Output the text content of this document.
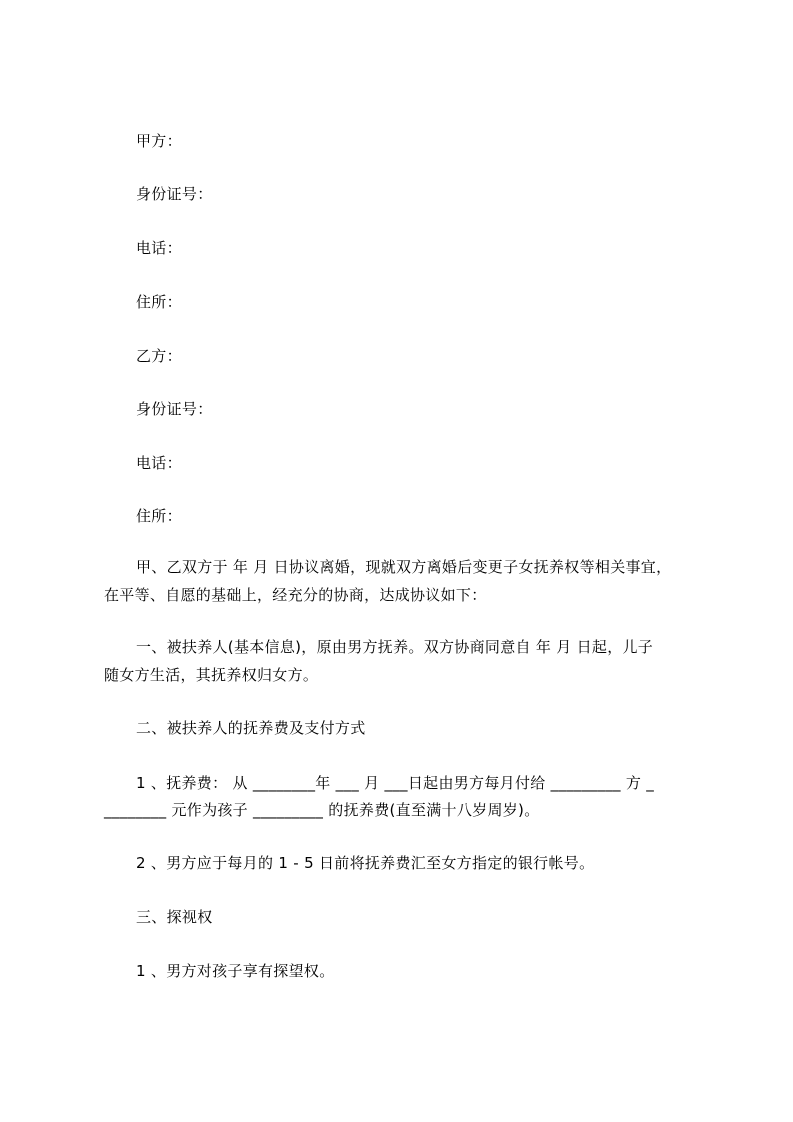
甲方：
身份证号：
电话：
住所：
乙方：
身份证号：
电话：
住所：
甲、乙双方于 年 月 日协议离婚，现就双方离婚后变更子女抚养权等相关事宜，
在平等、自愿的基础上，经充分的协商，达成协议如下：
一、被扶养人(基本信息)，原由男方抚养。双方协商同意自 年 月 日起，儿子
随女方生活，其抚养权归女方。
二、被扶养人的抚养费及支付方式
1 、抚养费： 从 ________年 ___ 月 ___日起由男方每月付给 _________ 方 _
________ 元作为孩子 _________ 的抚养费(直至满十八岁周岁)。
2 、男方应于每月的 1 - 5 日前将抚养费汇至女方指定的银行帐号。
三、探视权
1 、男方对孩子享有探望权。
